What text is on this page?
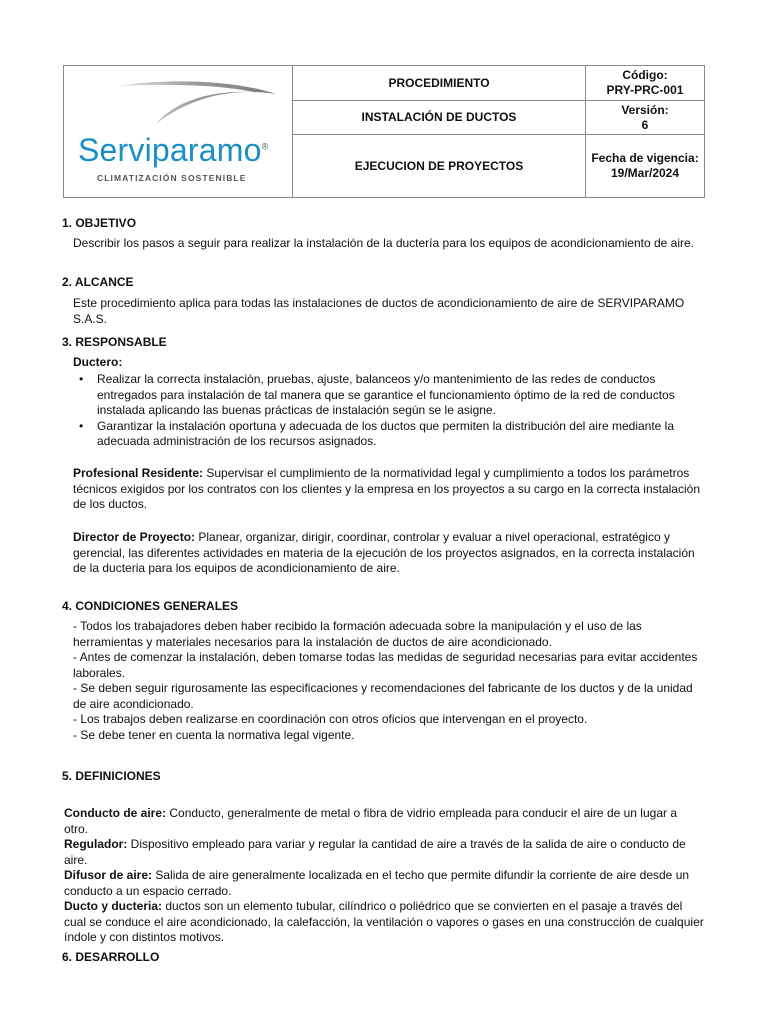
Serviparamo®
CLIMATIZACIÓN SOSTENIBLE
PROCEDIMIENTO
INSTALACIÓN DE DUCTOS
EJECUCION DE PROYECTOS
Código:
PRY-PRC-001
Versión:
6
Fecha de vigencia:
19/Mar/2024
1. OBJETIVO
Describir los pasos a seguir para realizar la instalación de la ductería para los equipos de acondicionamiento de aire.
2. ALCANCE
Este procedimiento aplica para todas las instalaciones de ductos de acondicionamiento de aire de SERVIPARAMO S.A.S.
3. RESPONSABLE
Ductero:
• Realizar la correcta instalación, pruebas, ajuste, balanceos y/o mantenimiento de las redes de conductos entregados para instalación de tal manera que se garantice el funcionamiento óptimo de la red de conductos instalada aplicando las buenas prácticas de instalación según se le asigne.
• Garantizar la instalación oportuna y adecuada de los ductos que permiten la distribución del aire mediante la adecuada administración de los recursos asignados.
Profesional Residente: Supervisar el cumplimiento de la normatividad legal y cumplimiento a todos los parámetros técnicos exigidos por los contratos con los clientes y la empresa en los proyectos a su cargo en la correcta instalación de los ductos.
Director de Proyecto: Planear, organizar, dirigir, coordinar, controlar y evaluar a nivel operacional, estratégico y gerencial, las diferentes actividades en materia de la ejecución de los proyectos asignados, en la correcta instalación de la ducteria para los equipos de acondicionamiento de aire.
4. CONDICIONES GENERALES
- Todos los trabajadores deben haber recibido la formación adecuada sobre la manipulación y el uso de las herramientas y materiales necesarios para la instalación de ductos de aire acondicionado.
- Antes de comenzar la instalación, deben tomarse todas las medidas de seguridad necesarias para evitar accidentes laborales.
- Se deben seguir rigurosamente las especificaciones y recomendaciones del fabricante de los ductos y de la unidad de aire acondicionado.
- Los trabajos deben realizarse en coordinación con otros oficios que intervengan en el proyecto.
- Se debe tener en cuenta la normativa legal vigente.
5. DEFINICIONES
Conducto de aire: Conducto, generalmente de metal o fibra de vidrio empleada para conducir el aire de un lugar a otro.
Regulador: Dispositivo empleado para variar y regular la cantidad de aire a través de la salida de aire o conducto de aire.
Difusor de aire: Salida de aire generalmente localizada en el techo que permite difundir la corriente de aire desde un conducto a un espacio cerrado.
Ducto y ducteria: ductos son un elemento tubular, cilíndrico o poliédrico que se convierten en el pasaje a través del cual se conduce el aire acondicionado, la calefacción, la ventilación o vapores o gases en una construcción de cualquier índole y con distintos motivos.
6. DESARROLLO
